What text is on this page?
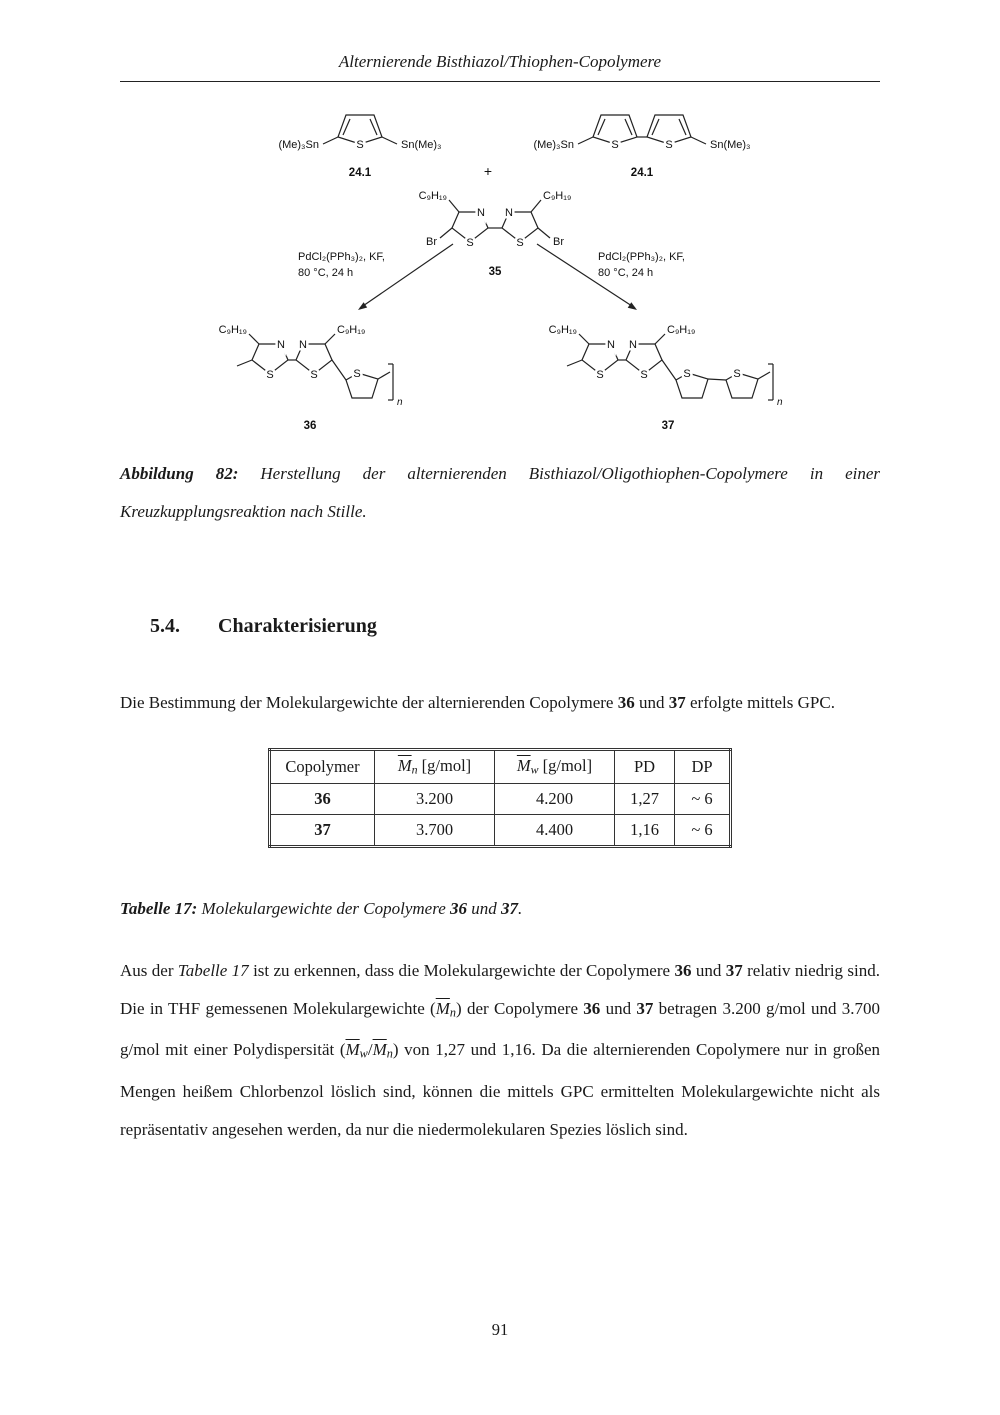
Alternierende Bisthiazol/Thiophen-Copolymere
(Me)₃Sn	Sn(Me)₃
S
24.1	+
(Me)₃Sn	Sn(Me)₃
S	S
24.1
C₉H₁₉	C₉H₁₉
N N
S	S
Br	Br
35
PdCl₂(PPh₃)₂, KF,
80 °C, 24 h
PdCl₂(PPh₃)₂, KF,
80 °C, 24 h
C₉H₁₉	C₉H₁₉
N N
S	S	S
n
36
C₉H₁₉	C₉H₁₉
N N
S	S	S	S
n
37

Abbildung 82: Herstellung der alternierenden Bisthiazol/Oligothiophen-Copolymere in einer Kreuzkupplungsreaktion nach Stille.

5.4. Charakterisierung

Die Bestimmung der Molekulargewichte der alternierenden Copolymere 36 und 37 erfolgte mittels GPC.

Copolymer	$\overline{M}n$ [g/mol]	$\overline{M}w$ [g/mol]	PD	DP
36	3.200	4.200	1,27	~ 6
37	3.700	4.400	1,16	~ 6

Tabelle 17: Molekulargewichte der Copolymere 36 und 37.

Aus der Tabelle 17 ist zu erkennen, dass die Molekulargewichte der Copolymere 36 und 37 relativ niedrig sind. Die in THF gemessenen Molekulargewichte $(\overline{M}n)$ der Copolymere 36 und 37 betragen 3.200 g/mol und 3.700 g/mol mit einer Polydispersität $(\overline{M}w/\overline{M}n)$ von 1,27 und 1,16. Da die alternierenden Copolymere nur in großen Mengen heißem Chlorbenzol löslich sind, können die mittels GPC ermittelten Molekulargewichte nicht als repräsentativ angesehen werden, da nur die niedermolekularen Spezies löslich sind.

91
